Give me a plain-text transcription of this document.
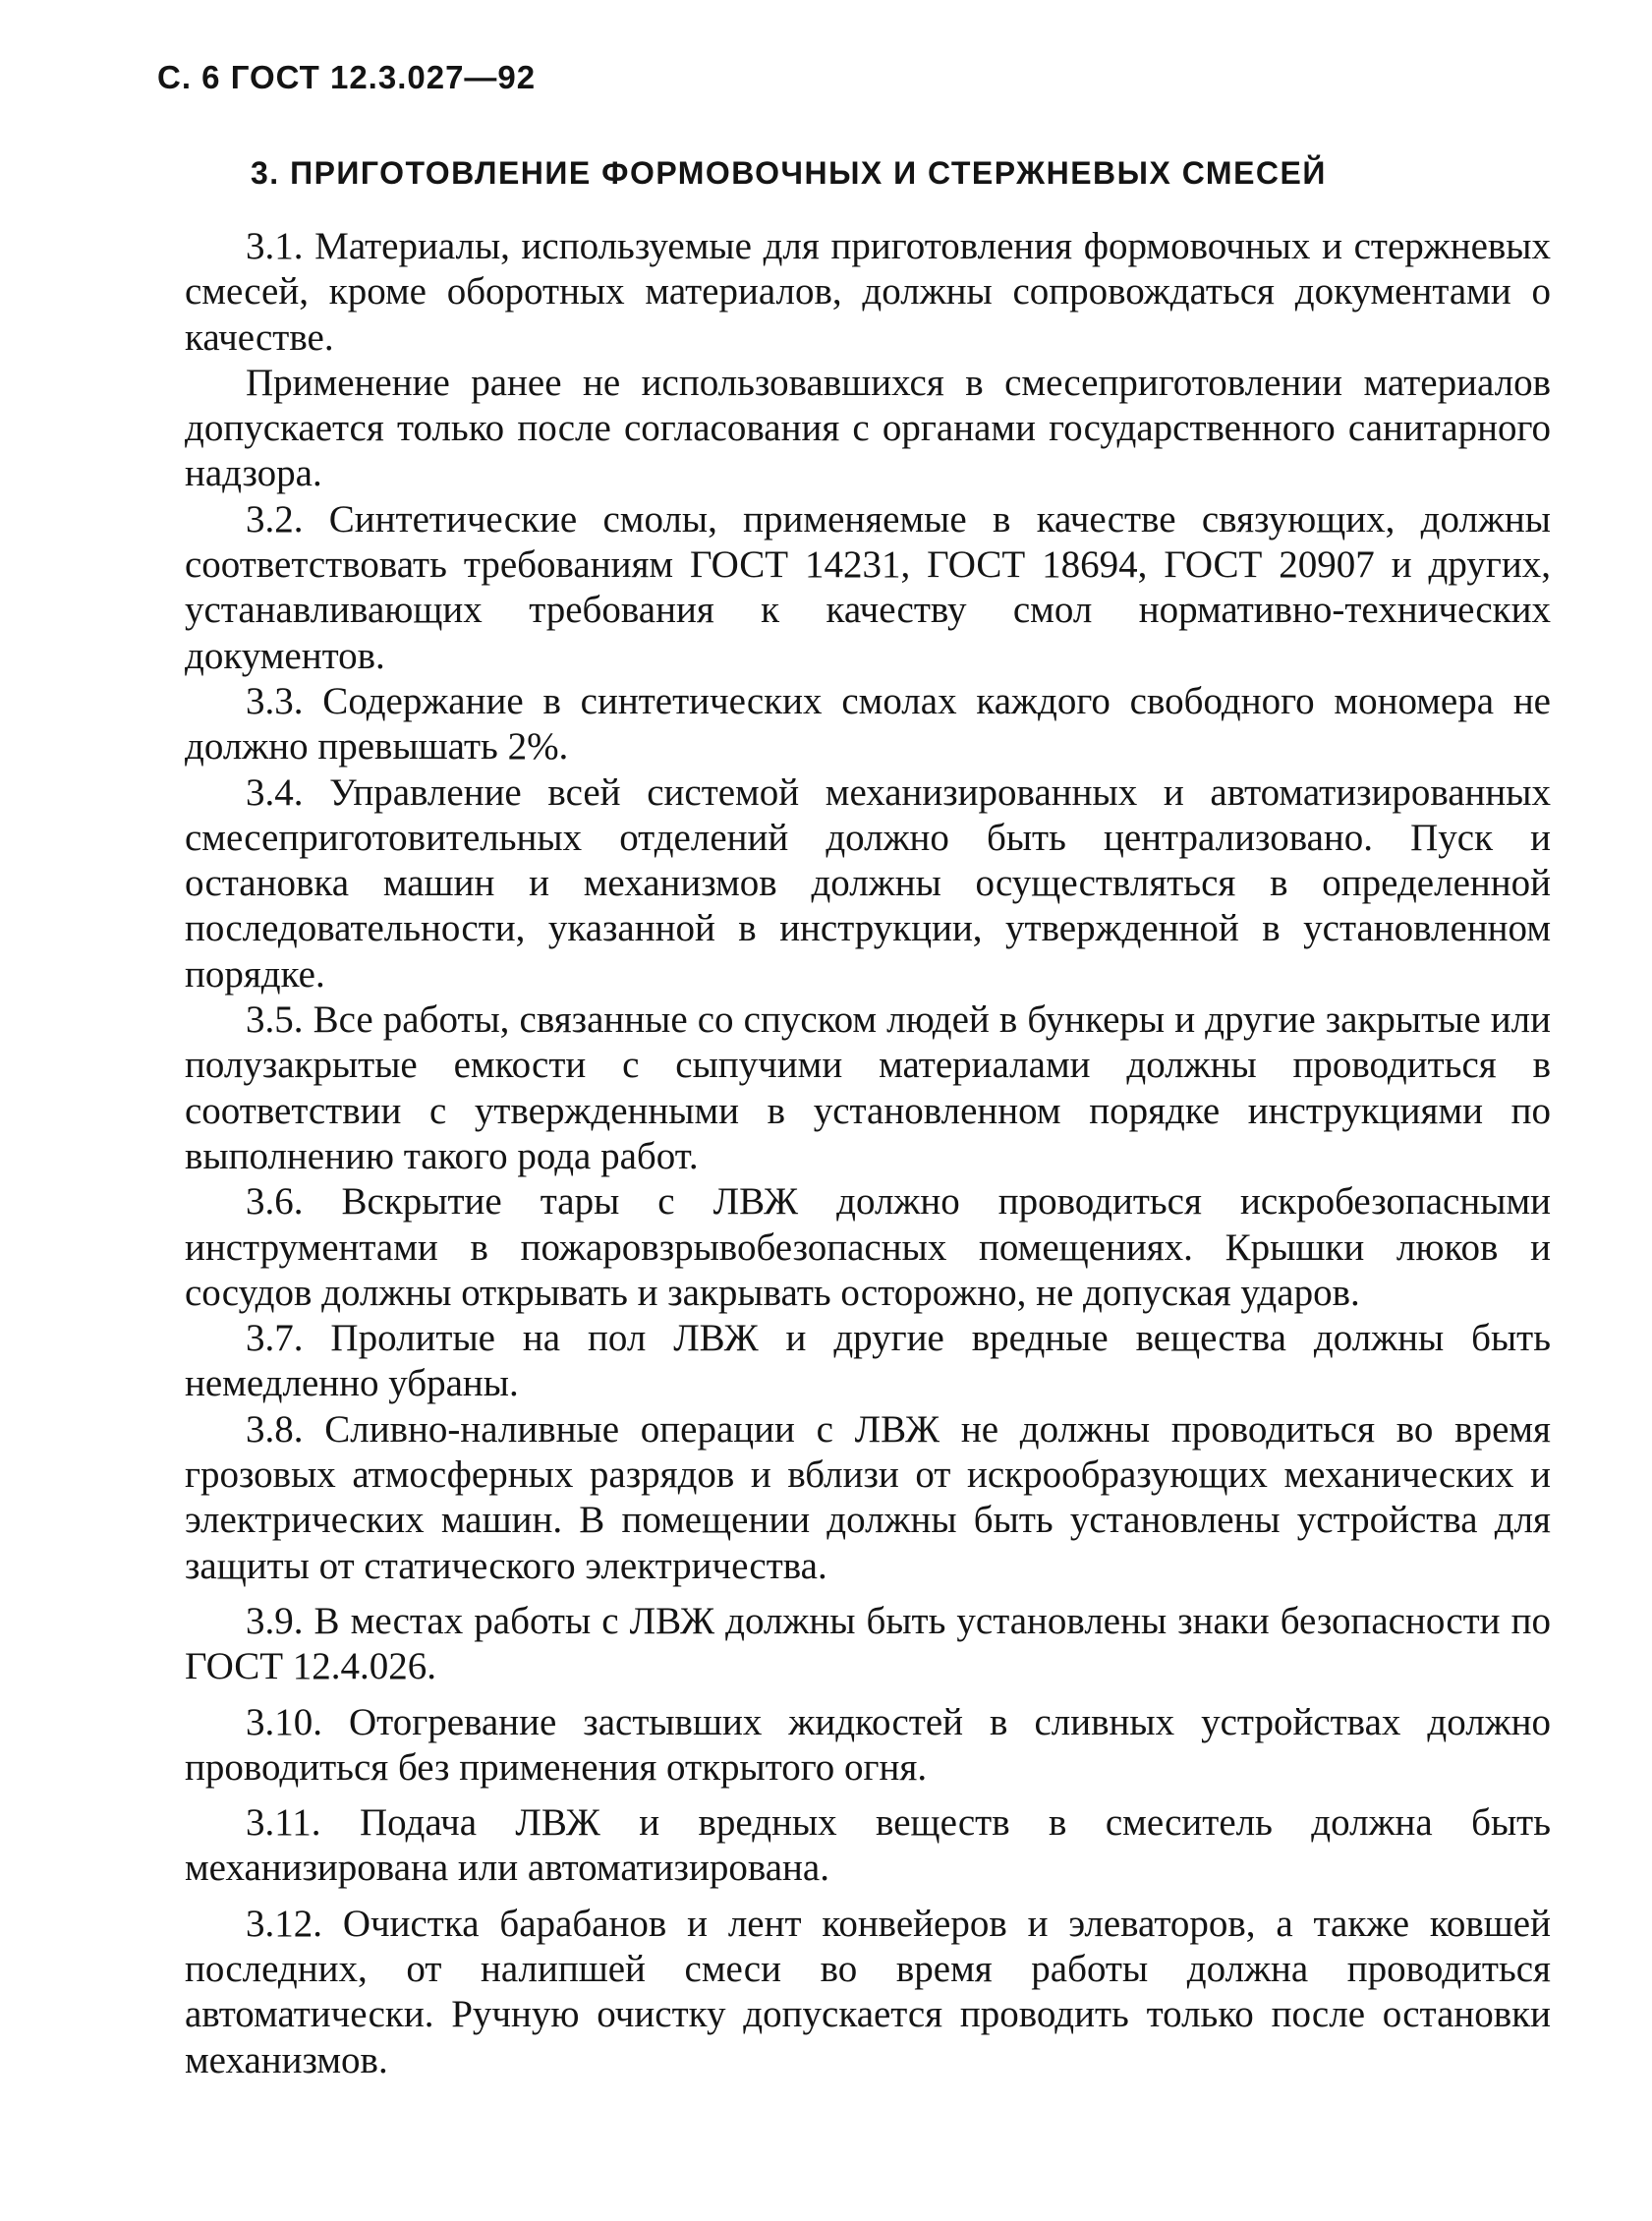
С. 6 ГОСТ 12.3.027—92
3. ПРИГОТОВЛЕНИЕ ФОРМОВОЧНЫХ И СТЕРЖНЕВЫХ СМЕСЕЙ

3.1. Материалы, используемые для приготовления формовочных и стержневых смесей, кроме оборотных материалов, должны сопровождаться документами о качестве.

Применение ранее не использовавшихся в смесеприготовлении материалов допускается только после согласования с органами государственного санитарного надзора.

3.2. Синтетические смолы, применяемые в качестве связующих, должны соответствовать требованиям ГОСТ 14231, ГОСТ 18694, ГОСТ 20907 и других, устанавливающих требования к качеству смол нормативно-технических документов.

3.3. Содержание в синтетических смолах каждого свободного мономера не должно превышать 2%.

3.4. Управление всей системой механизированных и автоматизированных смесеприготовительных отделений должно быть централизовано. Пуск и остановка машин и механизмов должны осуществляться в определенной последовательности, указанной в инструкции, утвержденной в установленном порядке.

3.5. Все работы, связанные со спуском людей в бункеры и другие закрытые или полузакрытые емкости с сыпучими материалами должны проводиться в соответствии с утвержденными в установленном порядке инструкциями по выполнению такого рода работ.

3.6. Вскрытие тары с ЛВЖ должно проводиться искробезопасными инструментами в пожаровзрывобезопасных помещениях. Крышки люков и сосудов должны открывать и закрывать осторожно, не допуская ударов.

3.7. Пролитые на пол ЛВЖ и другие вредные вещества должны быть немедленно убраны.

3.8. Сливно-наливные операции с ЛВЖ не должны проводиться во время грозовых атмосферных разрядов и вблизи от искрообразующих механических и электрических машин. В помещении должны быть установлены устройства для защиты от статического электричества.

3.9. В местах работы с ЛВЖ должны быть установлены знаки безопасности по ГОСТ 12.4.026.

3.10. Отогревание застывших жидкостей в сливных устройствах должно проводиться без применения открытого огня.

3.11. Подача ЛВЖ и вредных веществ в смеситель должна быть механизирована или автоматизирована.

3.12. Очистка барабанов и лент конвейеров и элеваторов, а также ковшей последних, от налипшей смеси во время работы должна проводиться автоматически. Ручную очистку допускается проводить только после остановки механизмов.
